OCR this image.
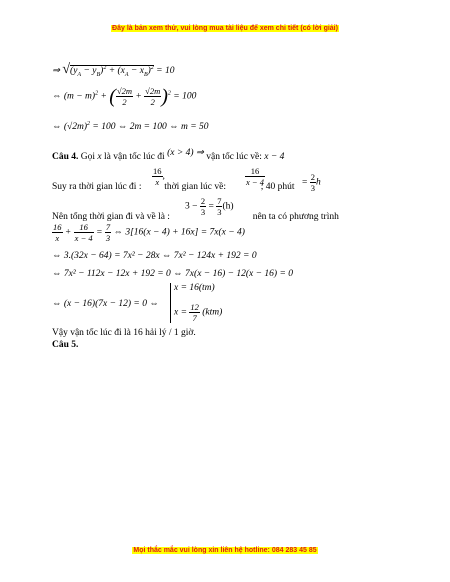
Đây là bản xem thử, vui lòng mua tài liệu để xem chi tiết (có lời giải)
⇒ $√(y_A - y_B)^2 + (x_A - x_B)^2 = 10$
⇔ $(m - m)^2$ + ( $\frac{√2m}{2} + \frac{√2m}{2} )^2 = 100$
⇔ $(√2m)^2 = 100$ ⇔ 2m = 100 ⇔ m = 50
Câu 4. Gọi x là vận tốc lúc đi (x > 4) ⇒ vận tốc lúc về: x − 4
$\frac{16}{x}$ ,	$\frac{16}{x - 4}$	= $\frac{2}{3}$ h
Suy ra thời gian lúc đi : thời gian lúc về:	; 40 phút
$3 - \frac{2}{3} = \frac{7}{3} (h)$
Nên tổng thời gian đi và về là :	nên ta có phương trình
$\frac{16}{x} + \frac{16}{x - 4} = \frac{7}{3}$ ⇔ 3[16(x − 4) + 16x] = 7x(x − 4)
⇔ 3.(32x − 64) = 7x² − 28x ⇔ 7x² − 124x + 192 = 0
⇔ 7x² − 112x − 12x + 192 = 0 ⇔ 7x(x − 16) − 12(x − 16) = 0
⇔ (x − 16)(7x − 12) = 0 ⇔
x = 16(tm)
$x = \frac{12}{7} (ktm)$
Vậy vận tốc lúc đi là 16 hải lý / 1 giờ.
Câu 5.
Mọi thắc mắc vui lòng xin liên hệ hotline: 084 283 45 85
